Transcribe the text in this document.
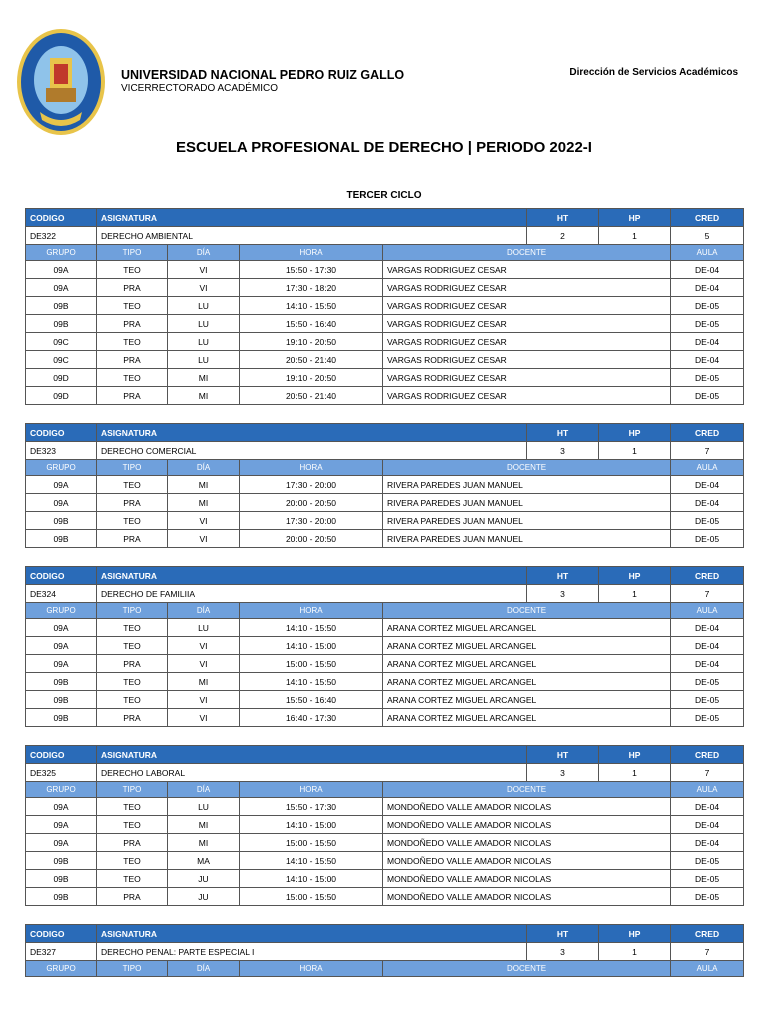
UNIVERSIDAD NACIONAL PEDRO RUIZ GALLO
VICERRECTORADO ACADÉMICO
Dirección de Servicios Académicos
ESCUELA PROFESIONAL DE DERECHO | PERIODO 2022-I
TERCER CICLO
CODIGO	ASIGNATURA				HT	HP	CRED
DE322	DERECHO AMBIENTAL				2	1	5
GRUPO	TIPO	DÍA	HORA	DOCENTE			AULA
09A	TEO	VI	15:50 - 17:30	VARGAS RODRIGUEZ CESAR			DE-04
09A	PRA	VI	17:30 - 18:20	VARGAS RODRIGUEZ CESAR			DE-04
09B	TEO	LU	14:10 - 15:50	VARGAS RODRIGUEZ CESAR			DE-05
09B	PRA	LU	15:50 - 16:40	VARGAS RODRIGUEZ CESAR			DE-05
09C	TEO	LU	19:10 - 20:50	VARGAS RODRIGUEZ CESAR			DE-04
09C	PRA	LU	20:50 - 21:40	VARGAS RODRIGUEZ CESAR			DE-04
09D	TEO	MI	19:10 - 20:50	VARGAS RODRIGUEZ CESAR			DE-05
09D	PRA	MI	20:50 - 21:40	VARGAS RODRIGUEZ CESAR			DE-05
CODIGO	ASIGNATURA				HT	HP	CRED
DE323	DERECHO COMERCIAL				3	1	7
GRUPO	TIPO	DÍA	HORA	DOCENTE			AULA
09A	TEO	MI	17:30 - 20:00	RIVERA PAREDES JUAN MANUEL			DE-04
09A	PRA	MI	20:00 - 20:50	RIVERA PAREDES JUAN MANUEL			DE-04
09B	TEO	VI	17:30 - 20:00	RIVERA PAREDES JUAN MANUEL			DE-05
09B	PRA	VI	20:00 - 20:50	RIVERA PAREDES JUAN MANUEL			DE-05
CODIGO	ASIGNATURA				HT	HP	CRED
DE324	DERECHO DE FAMILIIA				3	1	7
GRUPO	TIPO	DÍA	HORA	DOCENTE			AULA
09A	TEO	LU	14:10 - 15:50	ARANA CORTEZ MIGUEL ARCANGEL			DE-04
09A	TEO	VI	14:10 - 15:00	ARANA CORTEZ MIGUEL ARCANGEL			DE-04
09A	PRA	VI	15:00 - 15:50	ARANA CORTEZ MIGUEL ARCANGEL			DE-04
09B	TEO	MI	14:10 - 15:50	ARANA CORTEZ MIGUEL ARCANGEL			DE-05
09B	TEO	VI	15:50 - 16:40	ARANA CORTEZ MIGUEL ARCANGEL			DE-05
09B	PRA	VI	16:40 - 17:30	ARANA CORTEZ MIGUEL ARCANGEL			DE-05
CODIGO	ASIGNATURA				HT	HP	CRED
DE325	DERECHO LABORAL				3	1	7
GRUPO	TIPO	DÍA	HORA	DOCENTE			AULA
09A	TEO	LU	15:50 - 17:30	MONDOÑEDO VALLE AMADOR NICOLAS			DE-04
09A	TEO	MI	14:10 - 15:00	MONDOÑEDO VALLE AMADOR NICOLAS			DE-04
09A	PRA	MI	15:00 - 15:50	MONDOÑEDO VALLE AMADOR NICOLAS			DE-04
09B	TEO	MA	14:10 - 15:50	MONDOÑEDO VALLE AMADOR NICOLAS			DE-05
09B	TEO	JU	14:10 - 15:00	MONDOÑEDO VALLE AMADOR NICOLAS			DE-05
09B	PRA	JU	15:00 - 15:50	MONDOÑEDO VALLE AMADOR NICOLAS			DE-05
CODIGO	ASIGNATURA				HT	HP	CRED
DE327	DERECHO PENAL: PARTE ESPECIAL I				3	1	7
GRUPO	TIPO	DÍA	HORA	DOCENTE			AULA
